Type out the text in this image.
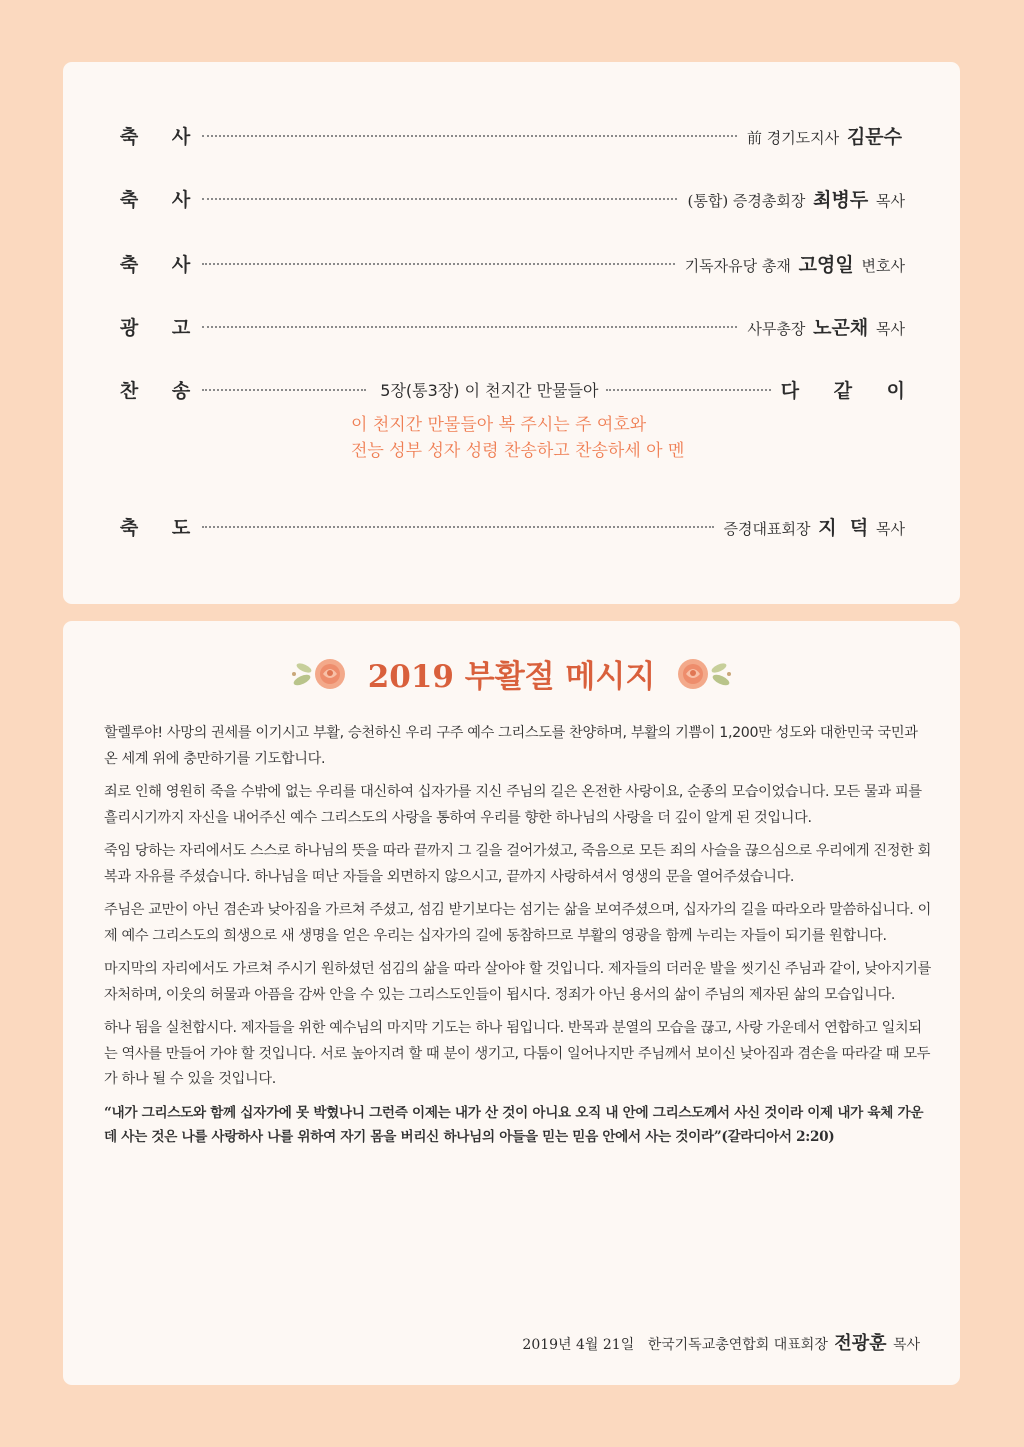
축 사	前 경기도지사 김문수
축 사	(통합) 증경총회장 최병두 목사
축 사	기독자유당 총재 고영일 변호사
광 고	사무총장 노곤채 목사
찬 송	5장(통3장) 이 천지간 만물들아	다 같 이
이 천지간 만물들아 복 주시는 주 여호와
전능 성부 성자 성령 찬송하고 찬송하세 아 멘
축 도	증경대표회장 지  덕 목사
2019 부활절 메시지

할렐루야! 사망의 권세를 이기시고 부활, 승천하신 우리 구주 예수 그리스도를 찬양하며, 부활의 기쁨이 1,200만 성도와 대한민국 국민과 온 세계 위에 충만하기를 기도합니다.

죄로 인해 영원히 죽을 수밖에 없는 우리를 대신하여 십자가를 지신 주님의 길은 온전한 사랑이요, 순종의 모습이었습니다. 모든 물과 피를 흘리시기까지 자신을 내어주신 예수 그리스도의 사랑을 통하여 우리를 향한 하나님의 사랑을 더 깊이 알게 된 것입니다.

죽임 당하는 자리에서도 스스로 하나님의 뜻을 따라 끝까지 그 길을 걸어가셨고, 죽음으로 모든 죄의 사슬을 끊으심으로 우리에게 진정한 회복과 자유를 주셨습니다. 하나님을 떠난 자들을 외면하지 않으시고, 끝까지 사랑하셔서 영생의 문을 열어주셨습니다.

주님은 교만이 아닌 겸손과 낮아짐을 가르쳐 주셨고, 섬김 받기보다는 섬기는 삶을 보여주셨으며, 십자가의 길을 따라오라 말씀하십니다. 이제 예수 그리스도의 희생으로 새 생명을 얻은 우리는 십자가의 길에 동참하므로 부활의 영광을 함께 누리는 자들이 되기를 원합니다.

마지막의 자리에서도 가르쳐 주시기 원하셨던 섬김의 삶을 따라 살아야 할 것입니다. 제자들의 더러운 발을 씻기신 주님과 같이, 낮아지기를 자처하며, 이웃의 허물과 아픔을 감싸 안을 수 있는 그리스도인들이 됩시다. 정죄가 아닌 용서의 삶이 주님의 제자된 삶의 모습입니다.

하나 됨을 실천합시다. 제자들을 위한 예수님의 마지막 기도는 하나 됨입니다. 반목과 분열의 모습을 끊고, 사랑 가운데서 연합하고 일치되는 역사를 만들어 가야 할 것입니다. 서로 높아지려 할 때 분이 생기고, 다툼이 일어나지만 주님께서 보이신 낮아짐과 겸손을 따라갈 때 모두가 하나 될 수 있을 것입니다.

“내가 그리스도와 함께 십자가에 못 박혔나니 그런즉 이제는 내가 산 것이 아니요 오직 내 안에 그리스도께서 사신 것이라 이제 내가 육체 가운데 사는 것은 나를 사랑하사 나를 위하여 자기 몸을 버리신 하나님의 아들을 믿는 믿음 안에서 사는 것이라”(갈라디아서 2:20)
2019년 4월 21일 한국기독교총연합회 대표회장 전광훈 목사
